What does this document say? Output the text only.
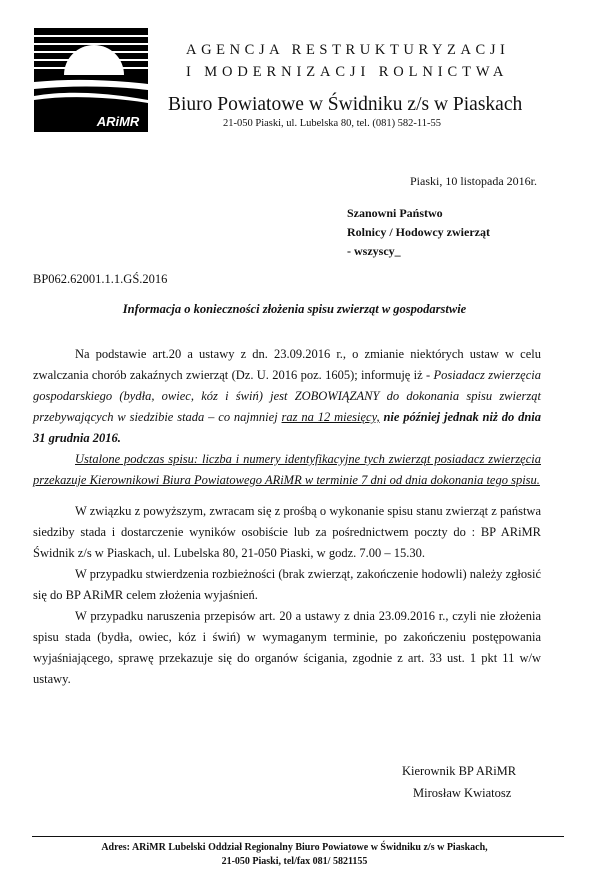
ARiMR
AGENCJA RESTRUKTURYZACJI
I MODERNIZACJI ROLNICTWA
Biuro Powiatowe w Świdniku z/s w Piaskach
21-050 Piaski, ul. Lubelska 80, tel. (081) 582-11-55
Piaski, 10 listopada 2016r.
Szanowni Państwo
Rolnicy / Hodowcy zwierząt
- wszyscy_
BP062.62001.1.1.GŚ.2016
Informacja o konieczności złożenia spisu zwierząt w gospodarstwie

Na podstawie art.20 a ustawy z dn. 23.09.2016 r., o zmianie niektórych ustaw w celu zwalczania chorób zakaźnych zwierząt (Dz. U. 2016 poz. 1605); informuję iż - Posiadacz zwierzęcia gospodarskiego (bydła, owiec, kóz i świń) jest ZOBOWIĄZANY do dokonania spisu zwierząt przebywających w siedzibie stada – co najmniej raz na 12 miesięcy, nie później jednak niż do dnia 31 grudnia 2016.

Ustalone podczas spisu: liczba i numery identyfikacyjne tych zwierząt posiadacz zwierzęcia przekazuje Kierownikowi Biura Powiatowego ARiMR w terminie 7 dni od dnia dokonania tego spisu.

W związku z powyższym, zwracam się z prośbą o wykonanie spisu stanu zwierząt z państwa siedziby stada i dostarczenie wyników osobiście lub za pośrednictwem poczty do : BP ARiMR Świdnik z/s w Piaskach, ul. Lubelska 80, 21-050 Piaski, w godz. 7.00 – 15.30.

W przypadku stwierdzenia rozbieżności (brak zwierząt, zakończenie hodowli) należy zgłosić się do BP ARiMR celem złożenia wyjaśnień.

W przypadku naruszenia przepisów art. 20 a ustawy z dnia 23.09.2016 r., czyli nie złożenia spisu stada (bydła, owiec, kóz i świń) w wymaganym terminie, po zakończeniu postępowania wyjaśniającego, sprawę przekazuje się do organów ścigania, zgodnie z art. 33 ust. 1 pkt 11 w/w ustawy.

Kierownik BP ARiMR
Mirosław Kwiatosz
Adres: ARiMR Lubelski Oddział Regionalny Biuro Powiatowe w Świdniku z/s w Piaskach,
21-050 Piaski, tel/fax 081/ 5821155
